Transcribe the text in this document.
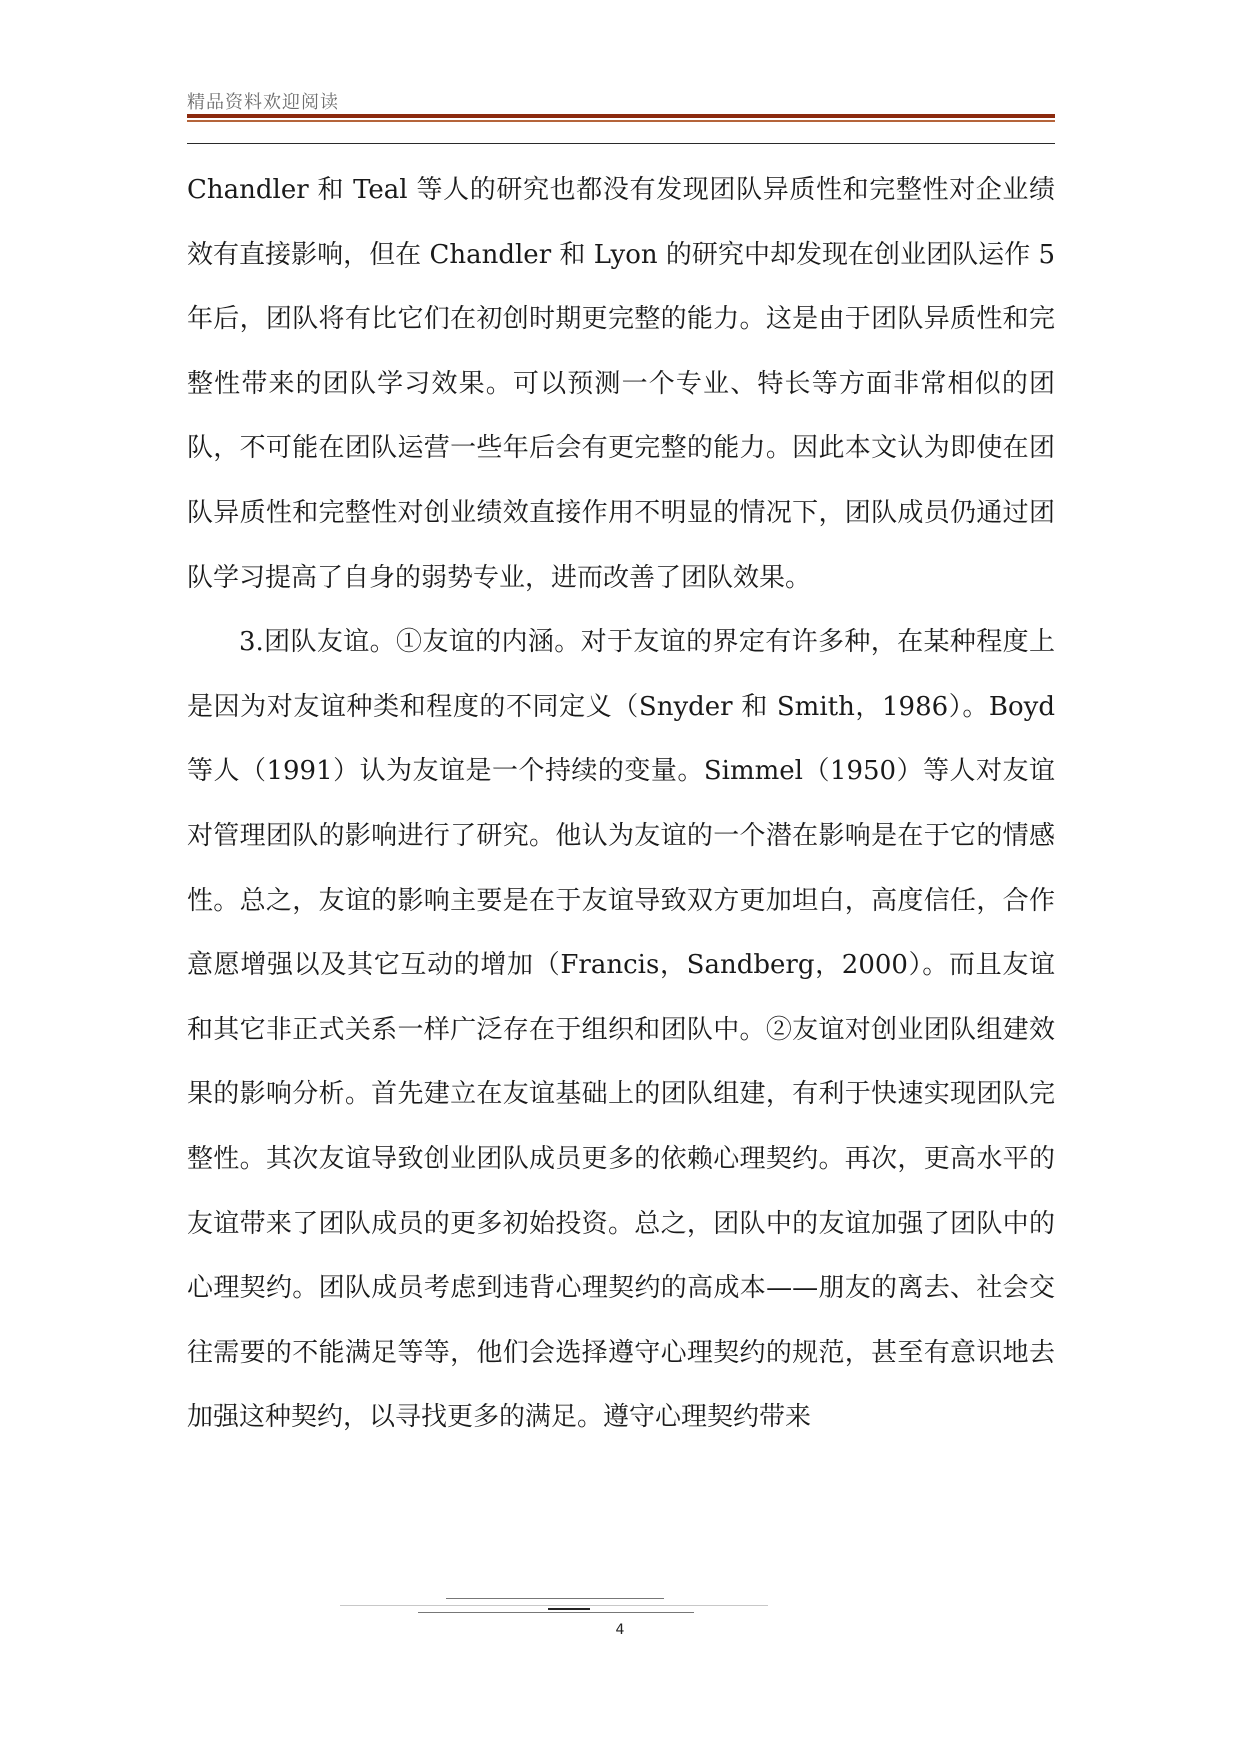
精品资料欢迎阅读

Chandler 和 Teal 等人的研究也都没有发现团队异质性和完整性对企业绩效有直接影响，但在 Chandler 和 Lyon 的研究中却发现在创业团队运作 5 年后，团队将有比它们在初创时期更完整的能力。这是由于团队异质性和完整性带来的团队学习效果。可以预测一个专业、特长等方面非常相似的团队，不可能在团队运营一些年后会有更完整的能力。因此本文认为即使在团队异质性和完整性对创业绩效直接作用不明显的情况下，团队成员仍通过团队学习提高了自身的弱势专业，进而改善了团队效果。

3.团队友谊。①友谊的内涵。对于友谊的界定有许多种，在某种程度上是因为对友谊种类和程度的不同定义（Snyder 和 Smith，1986）。Boyd 等人（1991）认为友谊是一个持续的变量。Simmel（1950）等人对友谊对管理团队的影响进行了研究。他认为友谊的一个潜在影响是在于它的情感性。总之，友谊的影响主要是在于友谊导致双方更加坦白，高度信任，合作意愿增强以及其它互动的增加（Francis，Sandberg，2000）。而且友谊和其它非正式关系一样广泛存在于组织和团队中。②友谊对创业团队组建效果的影响分析。首先建立在友谊基础上的团队组建，有利于快速实现团队完整性。其次友谊导致创业团队成员更多的依赖心理契约。再次，更高水平的友谊带来了团队成员的更多初始投资。总之，团队中的友谊加强了团队中的心理契约。团队成员考虑到违背心理契约的高成本——朋友的离去、社会交往需要的不能满足等等，他们会选择遵守心理契约的规范，甚至有意识地去加强这种契约，以寻找更多的满足。遵守心理契约带来

4
